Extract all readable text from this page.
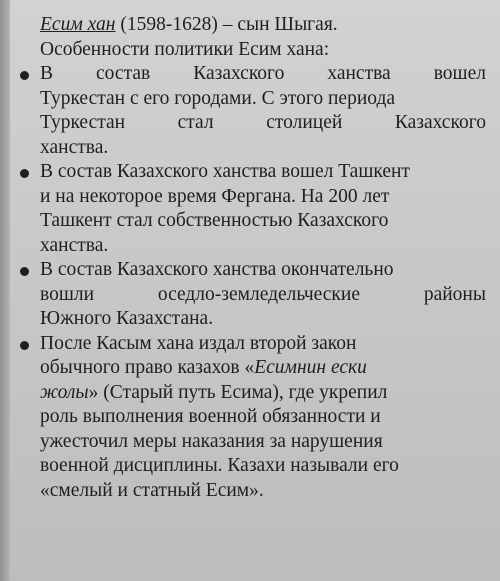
Есим хан (1598-1628) – сын Шыгая.

Особенности политики Есим хана:

В состав Казахского ханства вошел

Туркестан с его городами. С этого периода

Туркестан	стал	столицей	Казахского

ханства.

В состав Казахского ханства вошел Ташкент

и на некоторое время Фергана. На 200 лет

Ташкент стал собственностью Казахского

ханства.

В состав Казахского ханства окончательно

вошли	оседло-земледельческие	районы

Южного Казахстана.

После Касым хана издал второй закон

обычного право казахов «Есимнин ески

жолы» (Старый путь Есима), где укрепил

роль выполнения военной обязанности и

ужесточил меры наказания за нарушения

военной дисциплины. Казахи называли его

«смелый и статный Есим».
